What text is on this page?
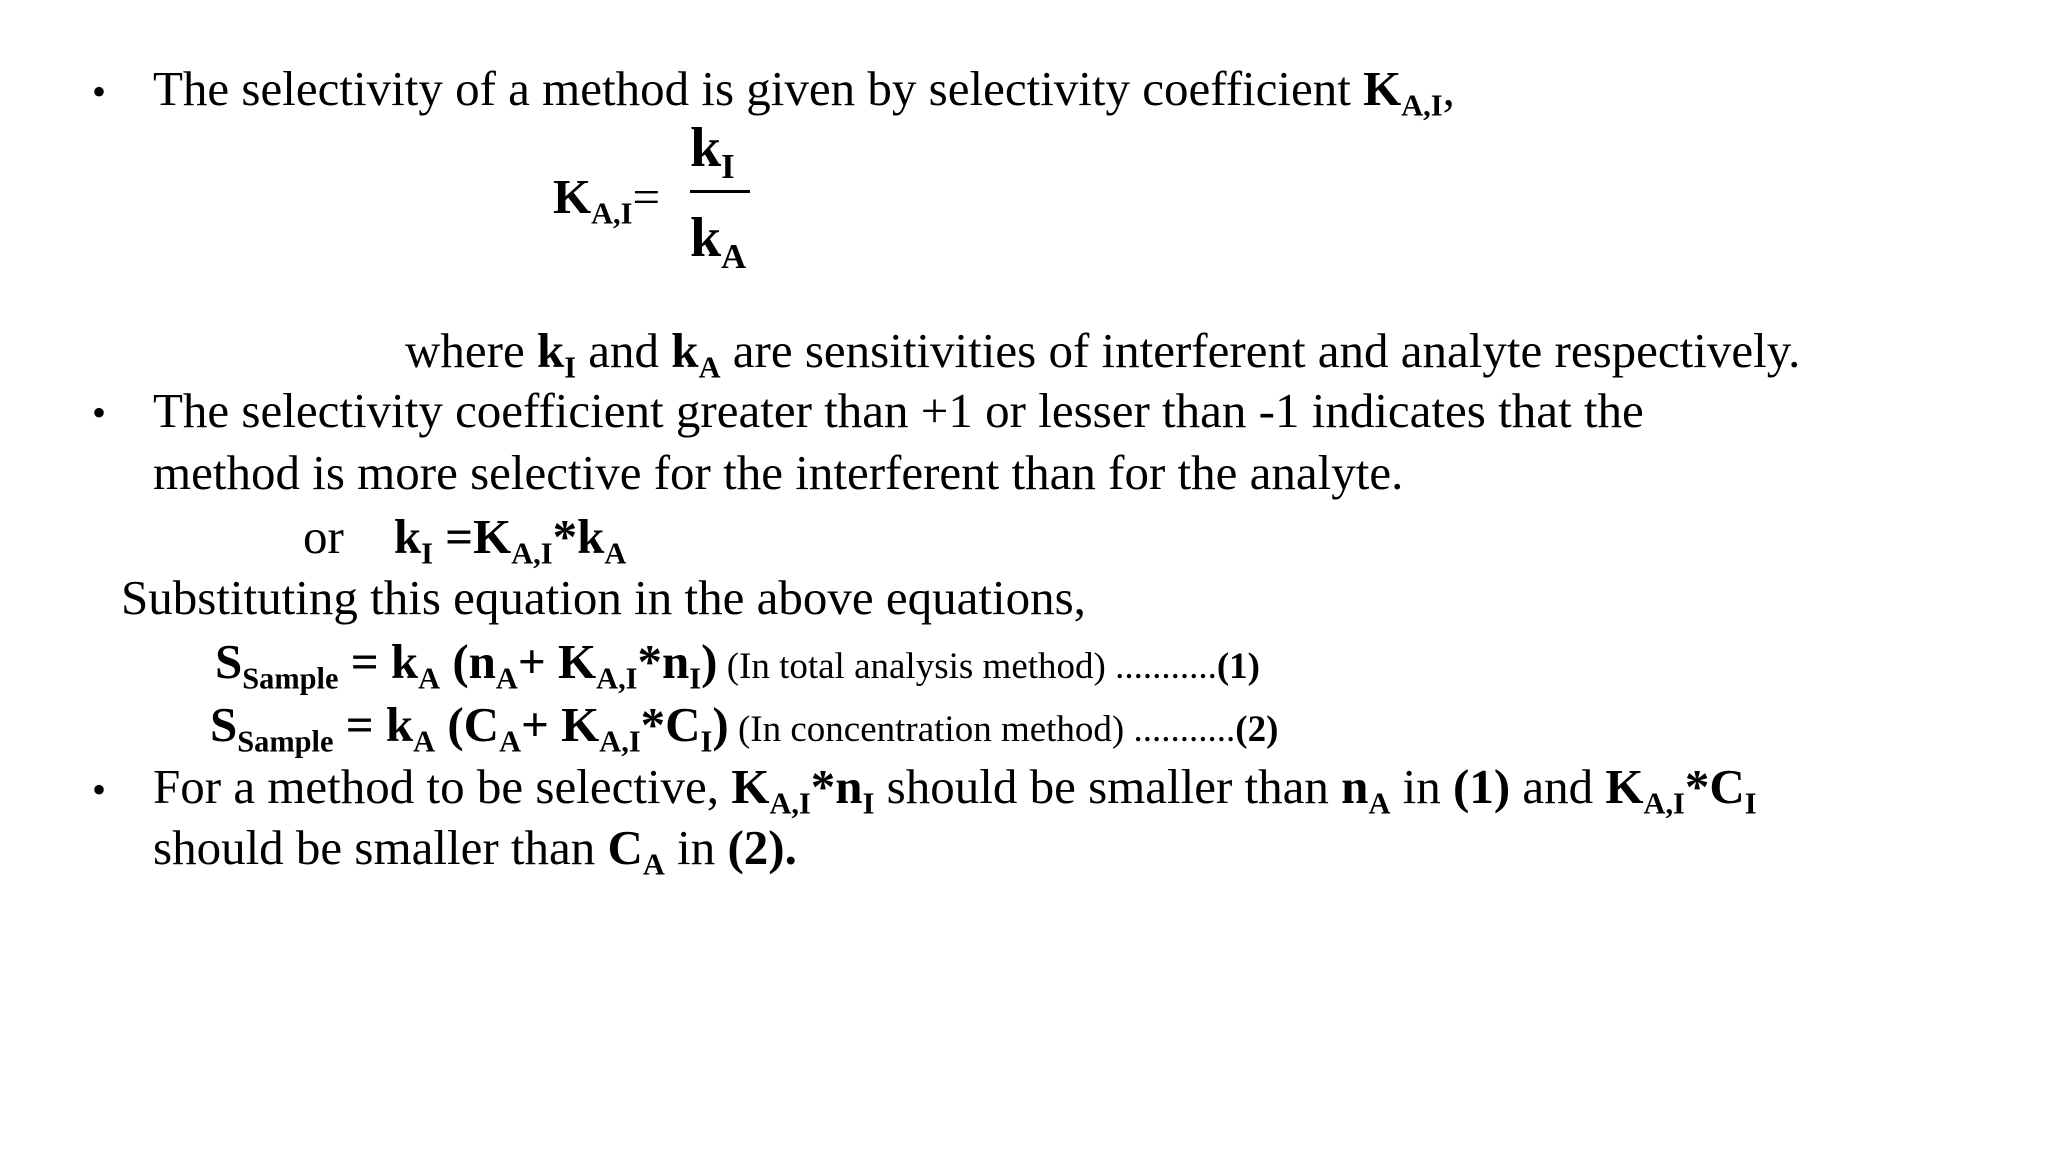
• The selectivity of a method is given by selectivity coefficient $K_{A,I}$,
$K_{A,I}=$
$k_I$
$k_A$
where $k_I$ and $k_A$ are sensitivities of interferent and analyte respectively.
• The selectivity coefficient greater than +1 or lesser than -1 indicates that the
method is more selective for the interferent than for the analyte.
or $k_I =K_{A,I}*k_A$
Substituting this equation in the above equations,
$S_{Sample} = k_A$ $(n_A+ K_{A,I}*n_I)$ (In total analysis method) ...........(1)
$S_{Sample} = k_A$ $(C_A+ K_{A,I}*C_I)$ (In concentration method) ...........(2)
• For a method to be selective, $K_{A,I}*n_I$ should be smaller than $n_A$ in (1) and $K_{A,I}*C_I$
should be smaller than $C_A$ in (2).
